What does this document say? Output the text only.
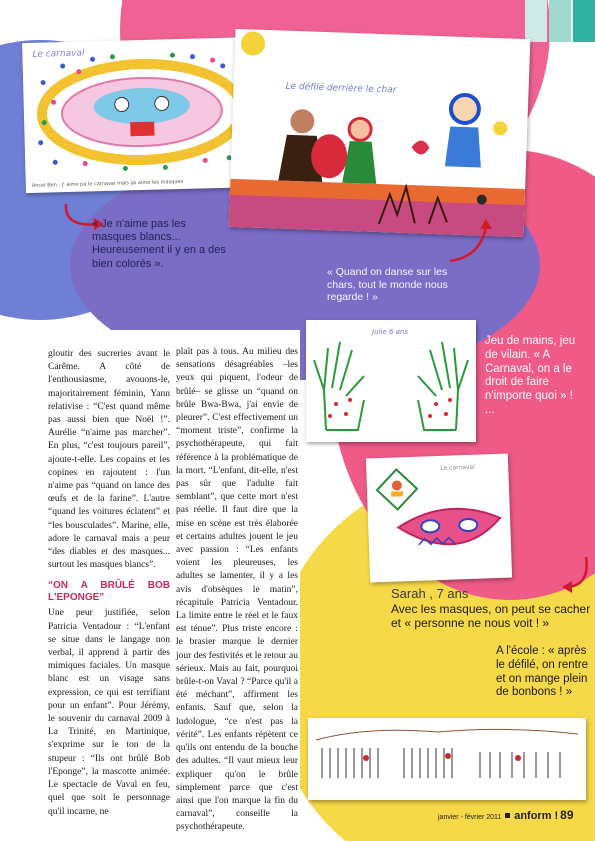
Le carnaval
Ancel Ben : J' aime pa le carnaval mais jai aime les masques
Le défilé derrière le char
Julie 6 ans
Le carnaval
« Je n'aime pas les masques blancs... Heureusement il y en a des bien colorés ».
« Quand on danse sur les chars, tout le monde nous regarde ! »
Jeu de mains, jeu de vilain. « A Carnaval, on a le droit de faire n'importe quoi » ! ...
Sarah , 7 ans
Avec les masques, on peut se cacher et « personne ne nous voit ! »
A l'école : « après le défilé, on rentre et on mange plein de bonbons ! »

gloutir des sucreries avant le Carême. A côté de l'enthousiasme, avouons-le, majoritairement féminin, Yann relativise : “C'est quand même pas aussi bien que Noël !”. Aurélie “n'aime pas marcher”. En plus, “c'est toujours pareil”, ajoute-t-elle. Les copains et les copines en rajoutent : l'un n'aime pas “quand on lance des œufs et de la farine”. L'autre “quand les voitures éclatent” et “les bousculades”. Marine, elle, adore le carnaval mais a peur “des diables et des masques... surtout les masques blancs”.

“ON A BRÛLÉ BOB L'EPONGE”

Une peur justifiée, selon Patricia Ventadour : “L'enfant se situe dans le langage non verbal, il apprend à partir des mimiques faciales. Un masque blanc est un visage sans expression, ce qui est terrifiant pour un enfant”. Pour Jérémy, le souvenir du carnaval 2009 à La Trinité, en Martinique, s'exprime sur le ton de la stupeur : “Ils ont brûlé Bob l'Eponge”, la mascotte animée. Le spectacle de Vaval en feu, quel que soit le personnage qu'il incarne, ne

plaît pas à tous. Au milieu des sensations désagréables –les yeux qui piquent, l'odeur de brûlé– se glisse un “quand on brûle Bwa-Bwa, j'ai envie de pleurer”. C'est effectivement un “moment triste”, confirme la psychothérapeute, qui fait référence à la problématique de la mort. “L'enfant, dit-elle, n'est pas sûr que l'adulte fait semblant”, que cette mort n'est pas réelle. Il faut dire que la mise en scène est très élaborée et certains adultes jouent le jeu avec passion : “Les enfants voient les pleureuses, les adultes se lamenter, il y a les avis d'obsèques le matin”, récapitule Patricia Ventadour. La limite entre le réel et le faux est ténue”. Plus triste encore : le brasier marque le dernier jour des festivités et le retour au sérieux. Mais au fait, pourquoi brûle-t-on Vaval ? “Parce qu'il a été méchant”, affirment les enfants. Sauf que, selon la ludologue, “ce n'est pas la vérité”. Les enfants répètent ce qu'ils ont entendu de la bouche des adultes. “Il vaut mieux leur expliquer qu'on le brûle simplement parce que c'est ainsi que l'on marque la fin du carnaval”, conseille la psychothérapeute.

janvier - février 2011 anform ! 89
